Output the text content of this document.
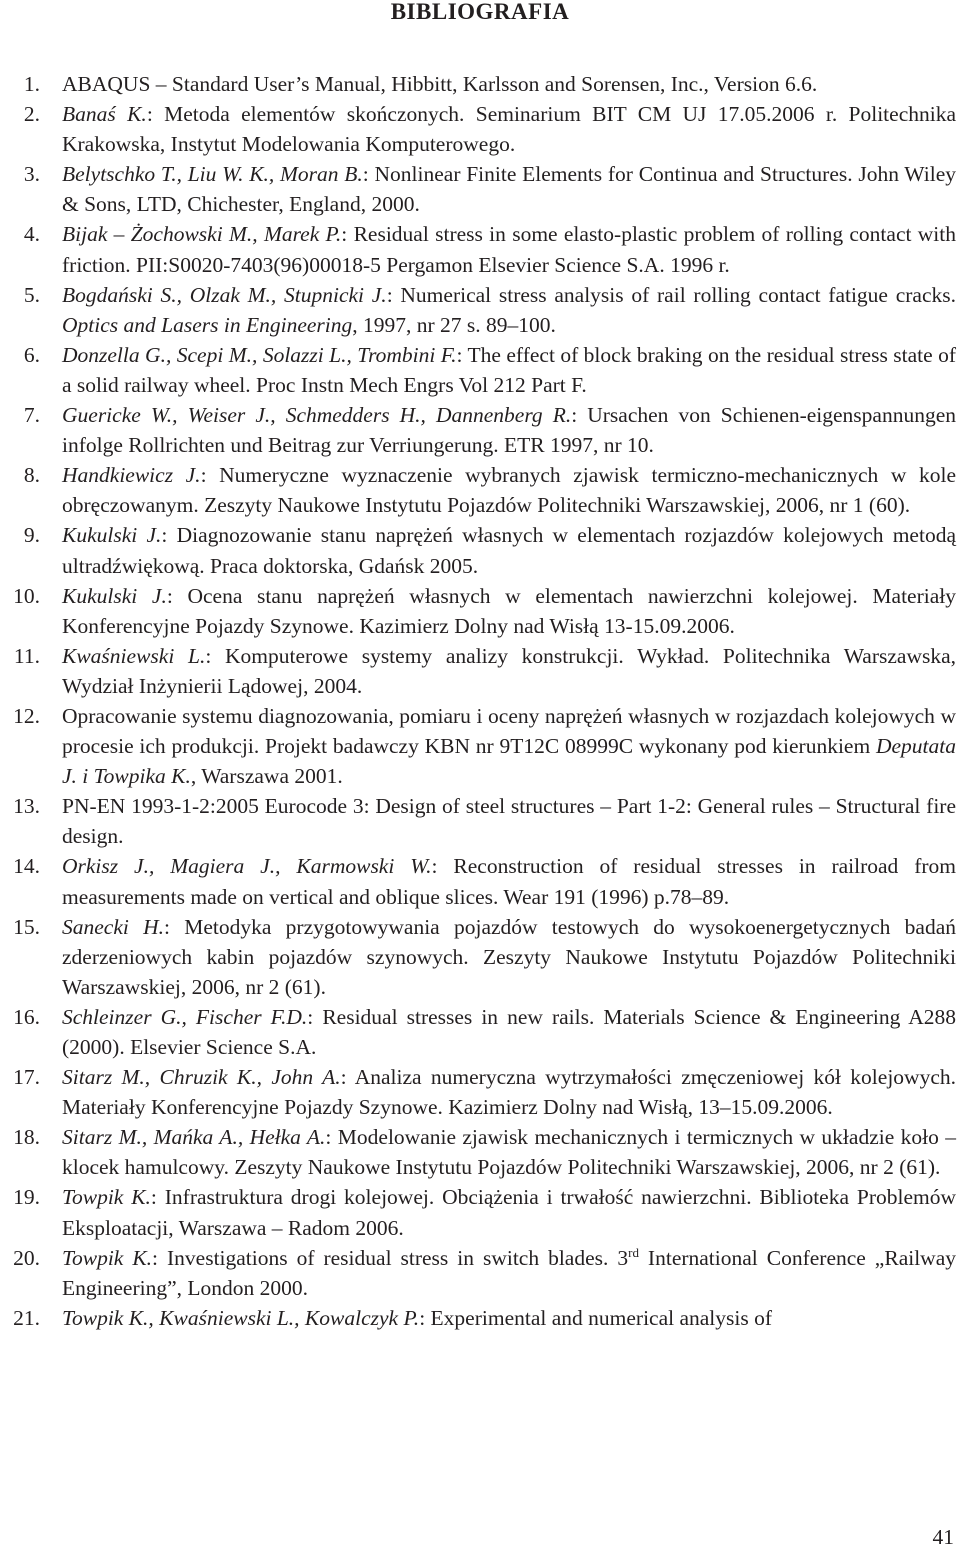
BIBLIOGRAFIA
1. ABAQUS – Standard User’s Manual, Hibbitt, Karlsson and Sorensen, Inc., Version 6.6.
2. Banaś K.: Metoda elementów skończonych. Seminarium BIT CM UJ 17.05.2006 r. Politechnika Krakowska, Instytut Modelowania Komputerowego.
3. Belytschko T., Liu W. K., Moran B.: Nonlinear Finite Elements for Continua and Structures. John Wiley & Sons, LTD, Chichester, England, 2000.
4. Bijak – Żochowski M., Marek P.: Residual stress in some elasto-plastic problem of rolling contact with friction. PII:S0020-7403(96)00018-5 Pergamon Elsevier Science S.A. 1996 r.
5. Bogdański S., Olzak M., Stupnicki J.: Numerical stress analysis of rail rolling contact fatigue cracks. Optics and Lasers in Engineering, 1997, nr 27 s. 89–100.
6. Donzella G., Scepi M., Solazzi L., Trombini F.: The effect of block braking on the residual stress state of a solid railway wheel. Proc Instn Mech Engrs Vol 212 Part F.
7. Guericke W., Weiser J., Schmedders H., Dannenberg R.: Ursachen von Schienen-eigenspannungen infolge Rollrichten und Beitrag zur Verriungerung. ETR 1997, nr 10.
8. Handkiewicz J.: Numeryczne wyznaczenie wybranych zjawisk termiczno-mechanicznych w kole obręczowanym. Zeszyty Naukowe Instytutu Pojazdów Politechniki Warszawskiej, 2006, nr 1 (60).
9. Kukulski J.: Diagnozowanie stanu naprężeń własnych w elementach rozjazdów kolejowych metodą ultradźwiękową. Praca doktorska, Gdańsk 2005.
10. Kukulski J.: Ocena stanu naprężeń własnych w elementach nawierzchni kolejowej. Materiały Konferencyjne Pojazdy Szynowe. Kazimierz Dolny nad Wisłą 13-15.09.2006.
11. Kwaśniewski L.: Komputerowe systemy analizy konstrukcji. Wykład. Politechnika Warszawska, Wydział Inżynierii Lądowej, 2004.
12. Opracowanie systemu diagnozowania, pomiaru i oceny naprężeń własnych w rozjazdach kolejowych w procesie ich produkcji. Projekt badawczy KBN nr 9T12C 08999C wykonany pod kierunkiem Deputata J. i Towpika K., Warszawa 2001.
13. PN-EN 1993-1-2:2005 Eurocode 3: Design of steel structures – Part 1-2: General rules – Structural fire design.
14. Orkisz J., Magiera J., Karmowski W.: Reconstruction of residual stresses in railroad from measurements made on vertical and oblique slices. Wear 191 (1996) p.78–89.
15. Sanecki H.: Metodyka przygotowywania pojazdów testowych do wysokoenergetycznych badań zderzeniowych kabin pojazdów szynowych. Zeszyty Naukowe Instytutu Pojazdów Politechniki Warszawskiej, 2006, nr 2 (61).
16. Schleinzer G., Fischer F.D.: Residual stresses in new rails. Materials Science & Engineering A288 (2000). Elsevier Science S.A.
17. Sitarz M., Chruzik K., John A.: Analiza numeryczna wytrzymałości zmęczeniowej kół kolejowych. Materiały Konferencyjne Pojazdy Szynowe. Kazimierz Dolny nad Wisłą, 13–15.09.2006.
18. Sitarz M., Mańka A., Hełka A.: Modelowanie zjawisk mechanicznych i termicznych w układzie koło – klocek hamulcowy. Zeszyty Naukowe Instytutu Pojazdów Politechniki Warszawskiej, 2006, nr 2 (61).
19. Towpik K.: Infrastruktura drogi kolejowej. Obciążenia i trwałość nawierzchni. Biblioteka Problemów Eksploatacji, Warszawa – Radom 2006.
20. Towpik K.: Investigations of residual stress in switch blades. 3rd International Conference „Railway Engineering”, London 2000.
21. Towpik K., Kwaśniewski L., Kowalczyk P.: Experimental and numerical analysis of
41
